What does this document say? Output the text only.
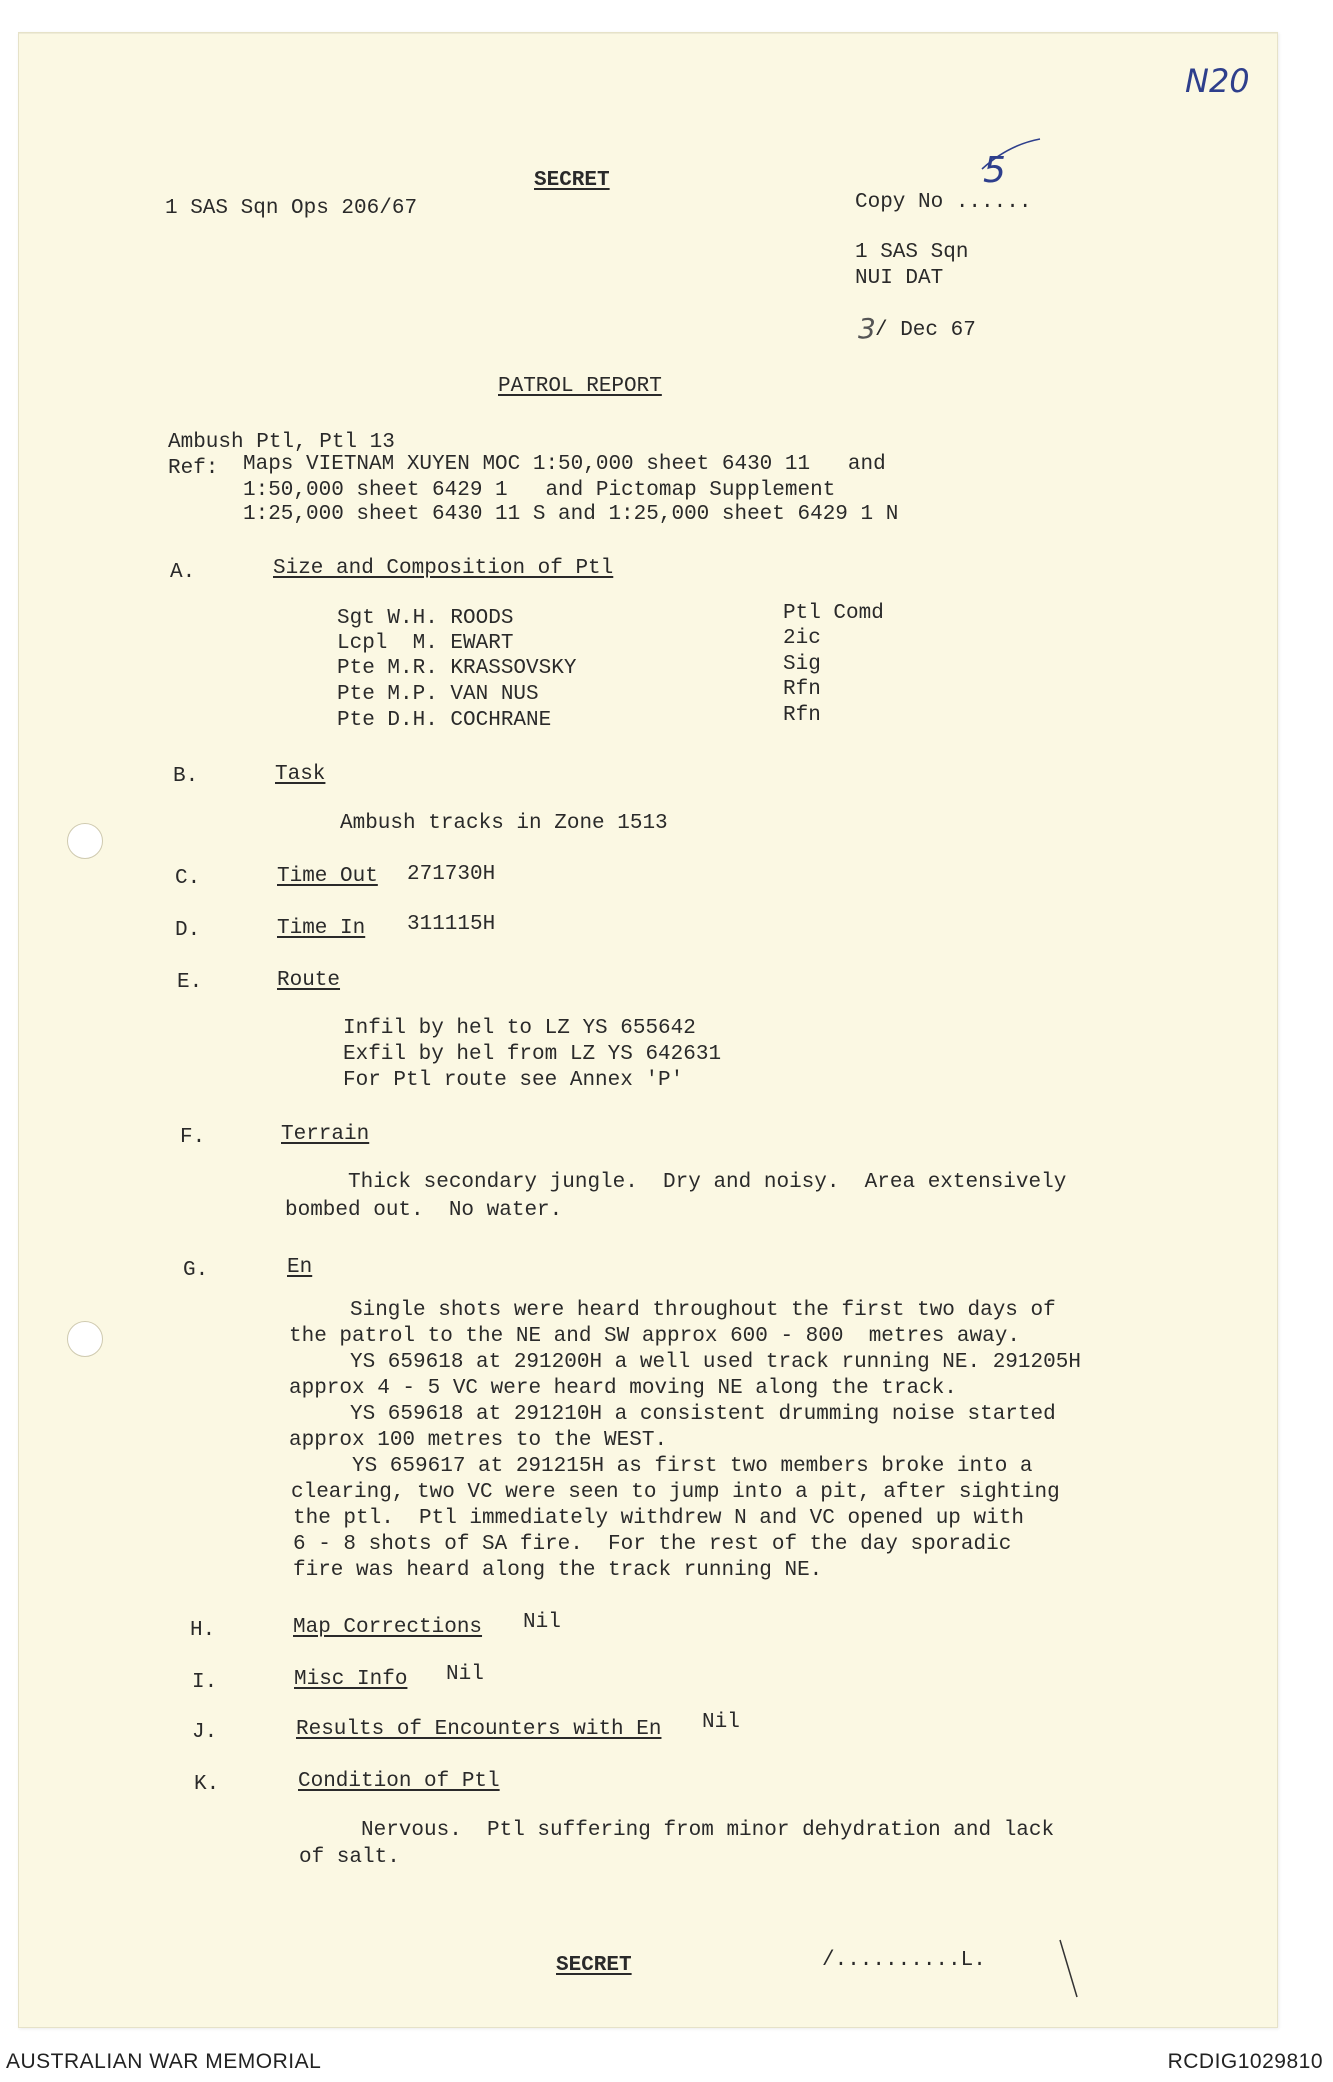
N20
5
3
SECRET
1 SAS Sqn Ops 206/67	Copy No ......
1 SAS Sqn
NUI DAT
/ Dec 67
PATROL REPORT
Ambush Ptl, Ptl 13
Ref: Maps VIETNAM XUYEN MOC 1:50,000 sheet 6430 11   and
1:50,000 sheet 6429 1   and Pictomap Supplement
1:25,000 sheet 6430 11 S and 1:25,000 sheet 6429 1 N
A.	Size and Composition of Ptl
Sgt W.H. ROODS	Ptl Comd
Lcpl  M. EWART	2ic
Pte M.R. KRASSOVSKY	Sig
Pte M.P. VAN NUS	Rfn
Pte D.H. COCHRANE	Rfn
B.	Task
Ambush tracks in Zone 1513
C.	Time Out 271730H
D.	Time In 311115H
E.	Route
Infil by hel to LZ YS 655642
Exfil by hel from LZ YS 642631
For Ptl route see Annex 'P'
F.	Terrain
Thick secondary jungle.  Dry and noisy.  Area extensively
bombed out.  No water.
G.	En
Single shots were heard throughout the first two days of
the patrol to the NE and SW approx 600 - 800  metres away.
YS 659618 at 291200H a well used track running NE. 291205H
approx 4 - 5 VC were heard moving NE along the track.
YS 659618 at 291210H a consistent drumming noise started
approx 100 metres to the WEST.
YS 659617 at 291215H as first two members broke into a
clearing, two VC were seen to jump into a pit, after sighting
the ptl.  Ptl immediately withdrew N and VC opened up with
6 - 8 shots of SA fire.  For the rest of the day sporadic
fire was heard along the track running NE.
H.	Map Corrections Nil
I.	Misc Info Nil
J.	Results of Encounters with En Nil
K.	Condition of Ptl
Nervous.  Ptl suffering from minor dehydration and lack
of salt.
SECRET	/..........L.
AUSTRALIAN WAR MEMORIAL	RCDIG1029810
